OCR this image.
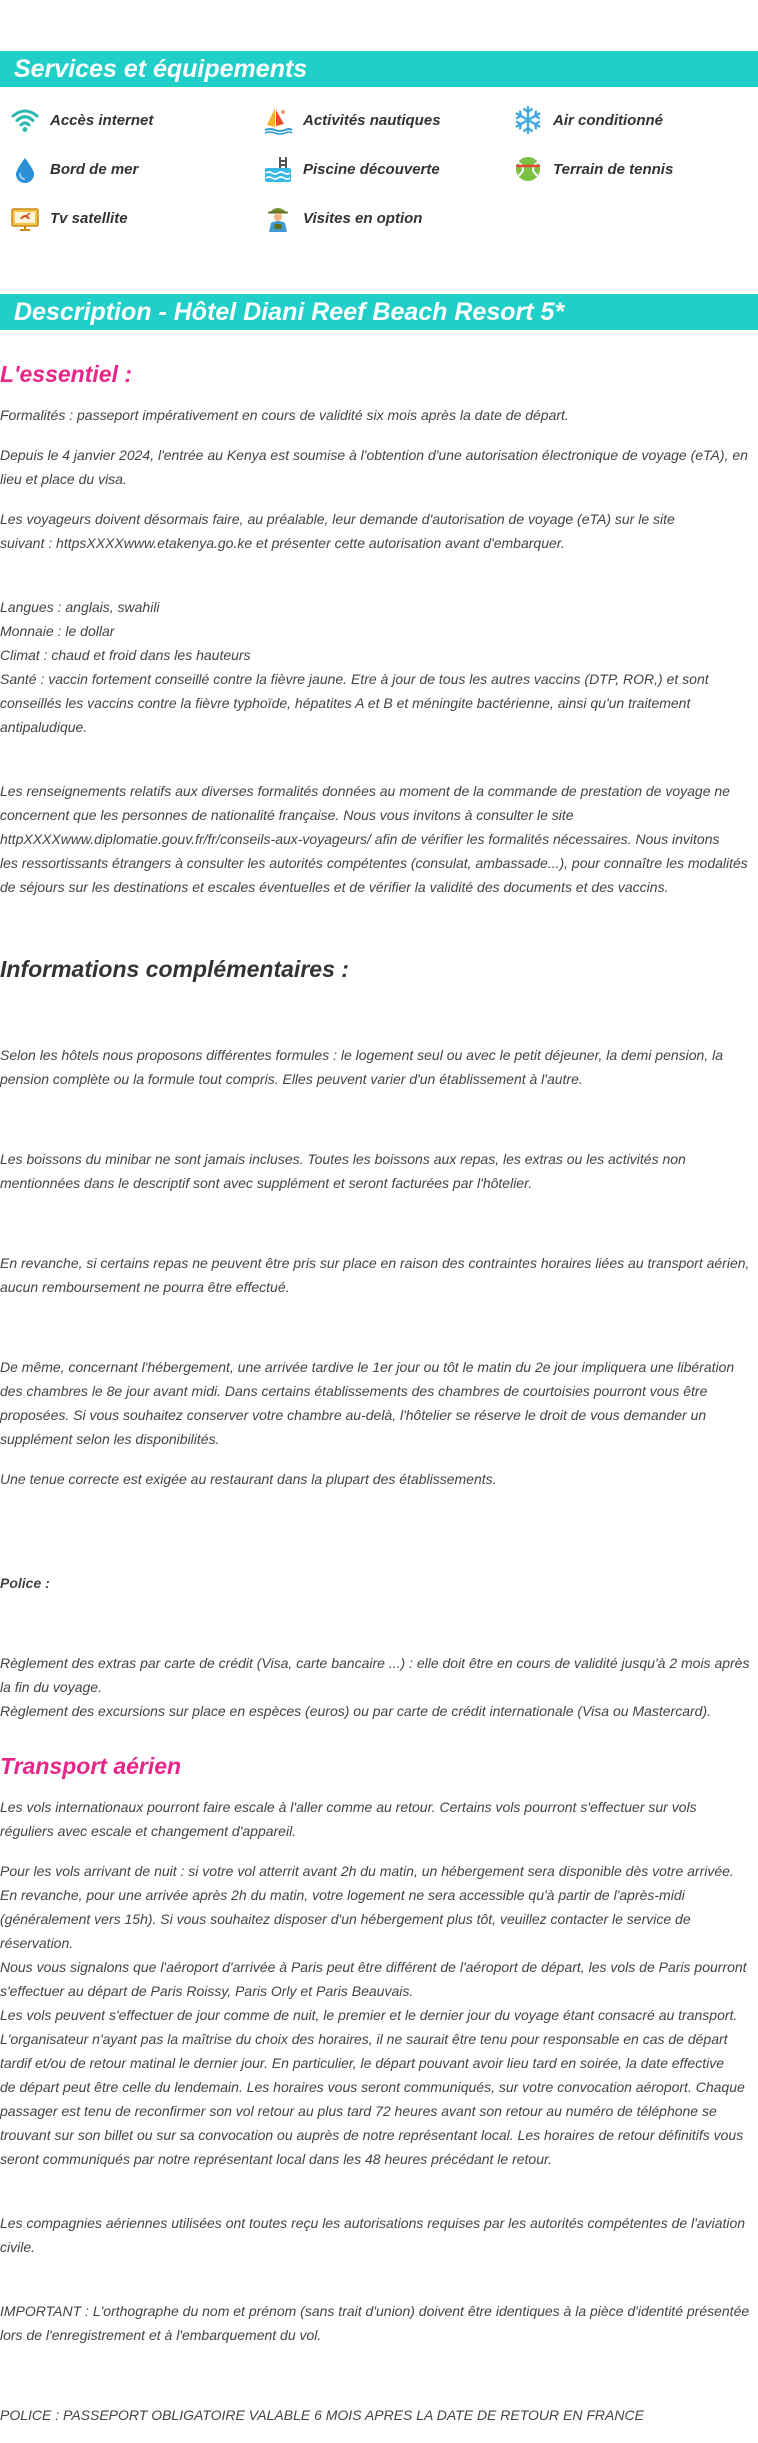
Services et équipements
Accès internet	Activités nautiques	Air conditionné
Bord de mer	Piscine découverte	Terrain de tennis
Tv satellite	Visites en option
Description - Hôtel Diani Reef Beach Resort 5*
L'essentiel :

Formalités : passeport impérativement en cours de validité six mois après la date de départ.

Depuis le 4 janvier 2024, l'entrée au Kenya est soumise à l'obtention d'une autorisation électronique de voyage (eTA), en

lieu et place du visa.

Les voyageurs doivent désormais faire, au préalable, leur demande d'autorisation de voyage (eTA) sur le site

suivant : httpsXXXXwww.etakenya.go.ke et présenter cette autorisation avant d'embarquer.

Langues : anglais, swahili

Monnaie : le dollar

Climat : chaud et froid dans les hauteurs

Santé : vaccin fortement conseillé contre la fièvre jaune. Etre à jour de tous les autres vaccins (DTP, ROR,) et sont

conseillés les vaccins contre la fièvre typhoïde, hépatites A et B et méningite bactérienne, ainsi qu'un traitement

antipaludique.

Les renseignements relatifs aux diverses formalités données au moment de la commande de prestation de voyage ne

concernent que les personnes de nationalité française. Nous vous invitons à consulter le site

httpXXXXwww.diplomatie.gouv.fr/fr/conseils-aux-voyageurs/ afin de vérifier les formalités nécessaires. Nous invitons

les ressortissants étrangers à consulter les autorités compétentes (consulat, ambassade...), pour connaître les modalités

de séjours sur les destinations et escales éventuelles et de vérifier la validité des documents et des vaccins.

Informations complémentaires :

Selon les hôtels nous proposons différentes formules : le logement seul ou avec le petit déjeuner, la demi pension, la

pension complète ou la formule tout compris. Elles peuvent varier d'un établissement à l'autre.

Les boissons du minibar ne sont jamais incluses. Toutes les boissons aux repas, les extras ou les activités non

mentionnées dans le descriptif sont avec supplément et seront facturées par l'hôtelier.

En revanche, si certains repas ne peuvent être pris sur place en raison des contraintes horaires liées au transport aérien,

aucun remboursement ne pourra être effectué.

De même, concernant l'hébergement, une arrivée tardive le 1er jour ou tôt le matin du 2e jour impliquera une libération

des chambres le 8e jour avant midi. Dans certains établissements des chambres de courtoisies pourront vous être

proposées. Si vous souhaitez conserver votre chambre au-delà, l'hôtelier se réserve le droit de vous demander un

supplément selon les disponibilités.

Une tenue correcte est exigée au restaurant dans la plupart des établissements.

Police :

Règlement des extras par carte de crédit (Visa, carte bancaire ...) : elle doit être en cours de validité jusqu'à 2 mois après

la fin du voyage.

Règlement des excursions sur place en espèces (euros) ou par carte de crédit internationale (Visa ou Mastercard).

Transport aérien

Les vols internationaux pourront faire escale à l'aller comme au retour. Certains vols pourront s'effectuer sur vols

réguliers avec escale et changement d'appareil.

Pour les vols arrivant de nuit : si votre vol atterrit avant 2h du matin, un hébergement sera disponible dès votre arrivée.

En revanche, pour une arrivée après 2h du matin, votre logement ne sera accessible qu'à partir de l'après-midi

(généralement vers 15h). Si vous souhaitez disposer d'un hébergement plus tôt, veuillez contacter le service de

réservation.

Nous vous signalons que l'aéroport d'arrivée à Paris peut être différent de l'aéroport de départ, les vols de Paris pourront

s'effectuer au départ de Paris Roissy, Paris Orly et Paris Beauvais.

Les vols peuvent s'effectuer de jour comme de nuit, le premier et le dernier jour du voyage étant consacré au transport.

L'organisateur n'ayant pas la maîtrise du choix des horaires, il ne saurait être tenu pour responsable en cas de départ

tardif et/ou de retour matinal le dernier jour. En particulier, le départ pouvant avoir lieu tard en soirée, la date effective

de départ peut être celle du lendemain. Les horaires vous seront communiqués, sur votre convocation aéroport. Chaque

passager est tenu de reconfirmer son vol retour au plus tard 72 heures avant son retour au numéro de téléphone se

trouvant sur son billet ou sur sa convocation ou auprès de notre représentant local. Les horaires de retour définitifs vous

seront communiqués par notre représentant local dans les 48 heures précédant le retour.

Les compagnies aériennes utilisées ont toutes reçu les autorisations requises par les autorités compétentes de l'aviation

civile.

IMPORTANT : L'orthographe du nom et prénom (sans trait d'union) doivent être identiques à la pièce d'identité présentée

lors de l'enregistrement et à l'embarquement du vol.

POLICE : PASSEPORT OBLIGATOIRE VALABLE 6 MOIS APRES LA DATE DE RETOUR EN FRANCE
